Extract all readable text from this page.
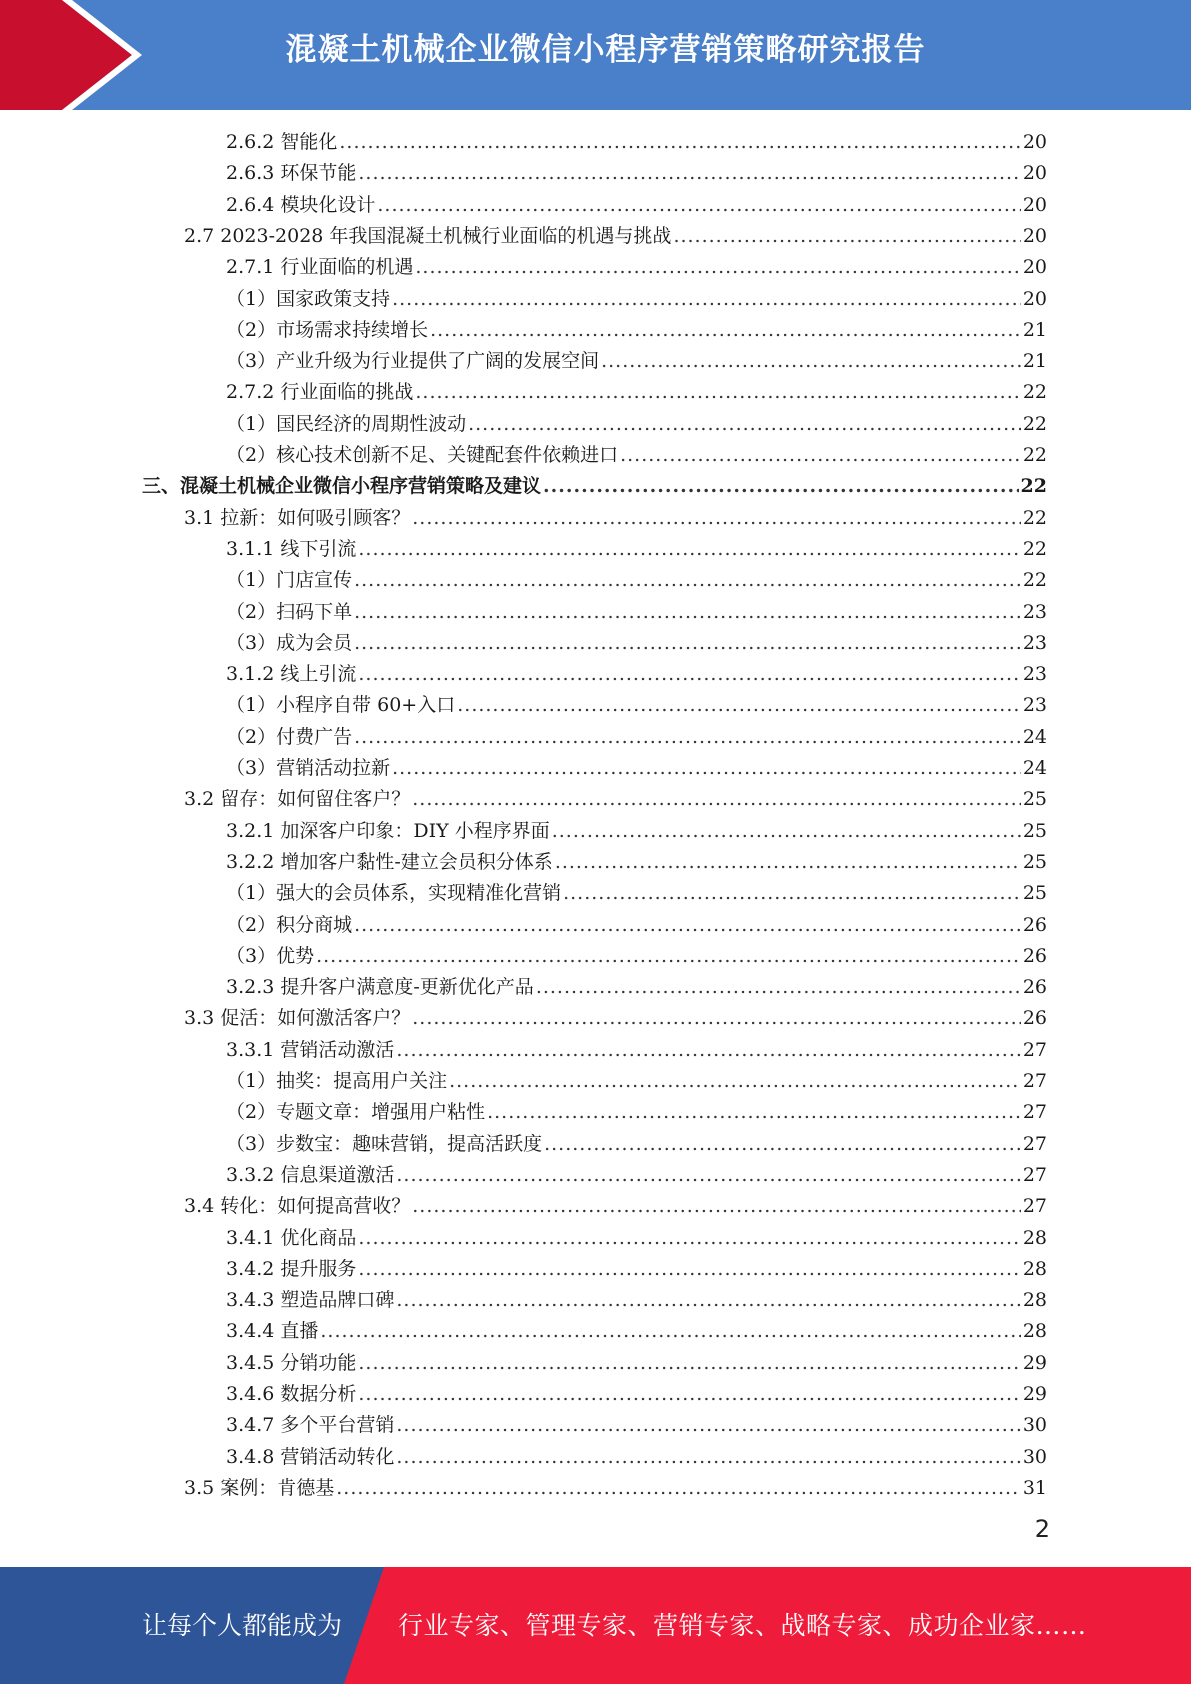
混凝土机械企业微信小程序营销策略研究报告
2.6.2 智能化 .....	20
2.6.3 环保节能 .....	20
2.6.4 模块化设计 .....	20
2.7 2023-2028 年我国混凝土机械行业面临的机遇与挑战 .....	20
2.7.1 行业面临的机遇 .....	20
（1）国家政策支持 .....	20
（2）市场需求持续增长 .....	21
（3）产业升级为行业提供了广阔的发展空间 .....	21
2.7.2 行业面临的挑战 .....	22
（1）国民经济的周期性波动 .....	22
（2）核心技术创新不足、关键配套件依赖进口 .....	22
三、混凝土机械企业微信小程序营销策略及建议 .....	22
3.1 拉新：如何吸引顾客？ .....	22
3.1.1 线下引流 .....	22
（1）门店宣传 .....	22
（2）扫码下单 .....	23
（3）成为会员 .....	23
3.1.2 线上引流 .....	23
（1）小程序自带 60+入口 .....	23
（2）付费广告 .....	24
（3）营销活动拉新 .....	24
3.2 留存：如何留住客户？ .....	25
3.2.1 加深客户印象：DIY 小程序界面 .....	25
3.2.2 增加客户黏性-建立会员积分体系 .....	25
（1）强大的会员体系，实现精准化营销 .....	25
（2）积分商城 .....	26
（3）优势 .....	26
3.2.3 提升客户满意度-更新优化产品 .....	26
3.3 促活：如何激活客户？ .....	26
3.3.1 营销活动激活 .....	27
（1）抽奖：提高用户关注 .....	27
（2）专题文章：增强用户粘性 .....	27
（3）步数宝：趣味营销，提高活跃度 .....	27
3.3.2 信息渠道激活 .....	27
3.4 转化：如何提高营收？ .....	27
3.4.1 优化商品 .....	28
3.4.2 提升服务 .....	28
3.4.3 塑造品牌口碑 .....	28
3.4.4 直播 .....	28
3.4.5 分销功能 .....	29
3.4.6 数据分析 .....	29
3.4.7 多个平台营销 .....	30
3.4.8 营销活动转化 .....	30
3.5 案例：肯德基 .....	31
2
让每个人都能成为 行业专家、管理专家、营销专家、战略专家、成功企业家……
